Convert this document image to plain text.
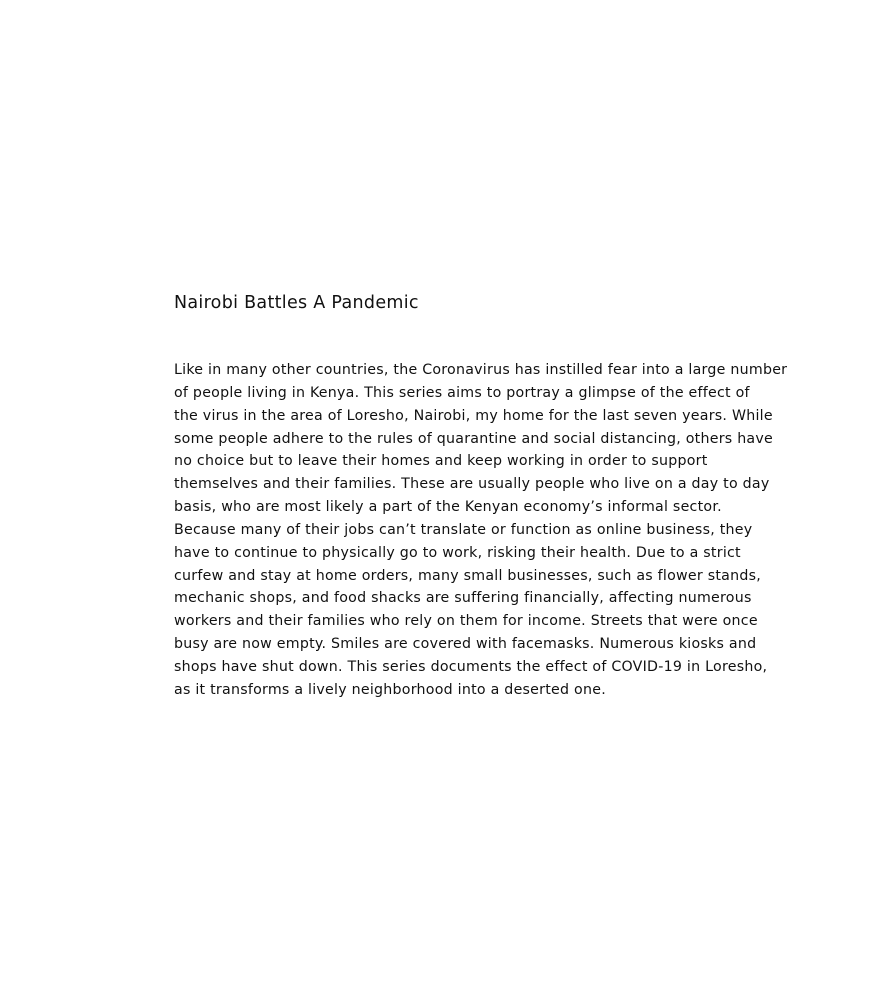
Nairobi Battles A Pandemic
Like in many other countries, the Coronavirus has instilled fear into a large number
of people living in Kenya. This series aims to portray a glimpse of the effect of
the virus in the area of Loresho, Nairobi, my home for the last seven years. While
some people adhere to the rules of quarantine and social distancing, others have
no choice but to leave their homes and keep working in order to support
themselves and their families. These are usually people who live on a day to day
basis, who are most likely a part of the Kenyan economy’s informal sector.
Because many of their jobs can’t translate or function as online business, they
have to continue to physically go to work, risking their health. Due to a strict
curfew and stay at home orders, many small businesses, such as flower stands,
mechanic shops, and food shacks are suffering financially, affecting numerous
workers and their families who rely on them for income. Streets that were once
busy are now empty. Smiles are covered with facemasks. Numerous kiosks and
shops have shut down. This series documents the effect of COVID-19 in Loresho,
as it transforms a lively neighborhood into a deserted one.
